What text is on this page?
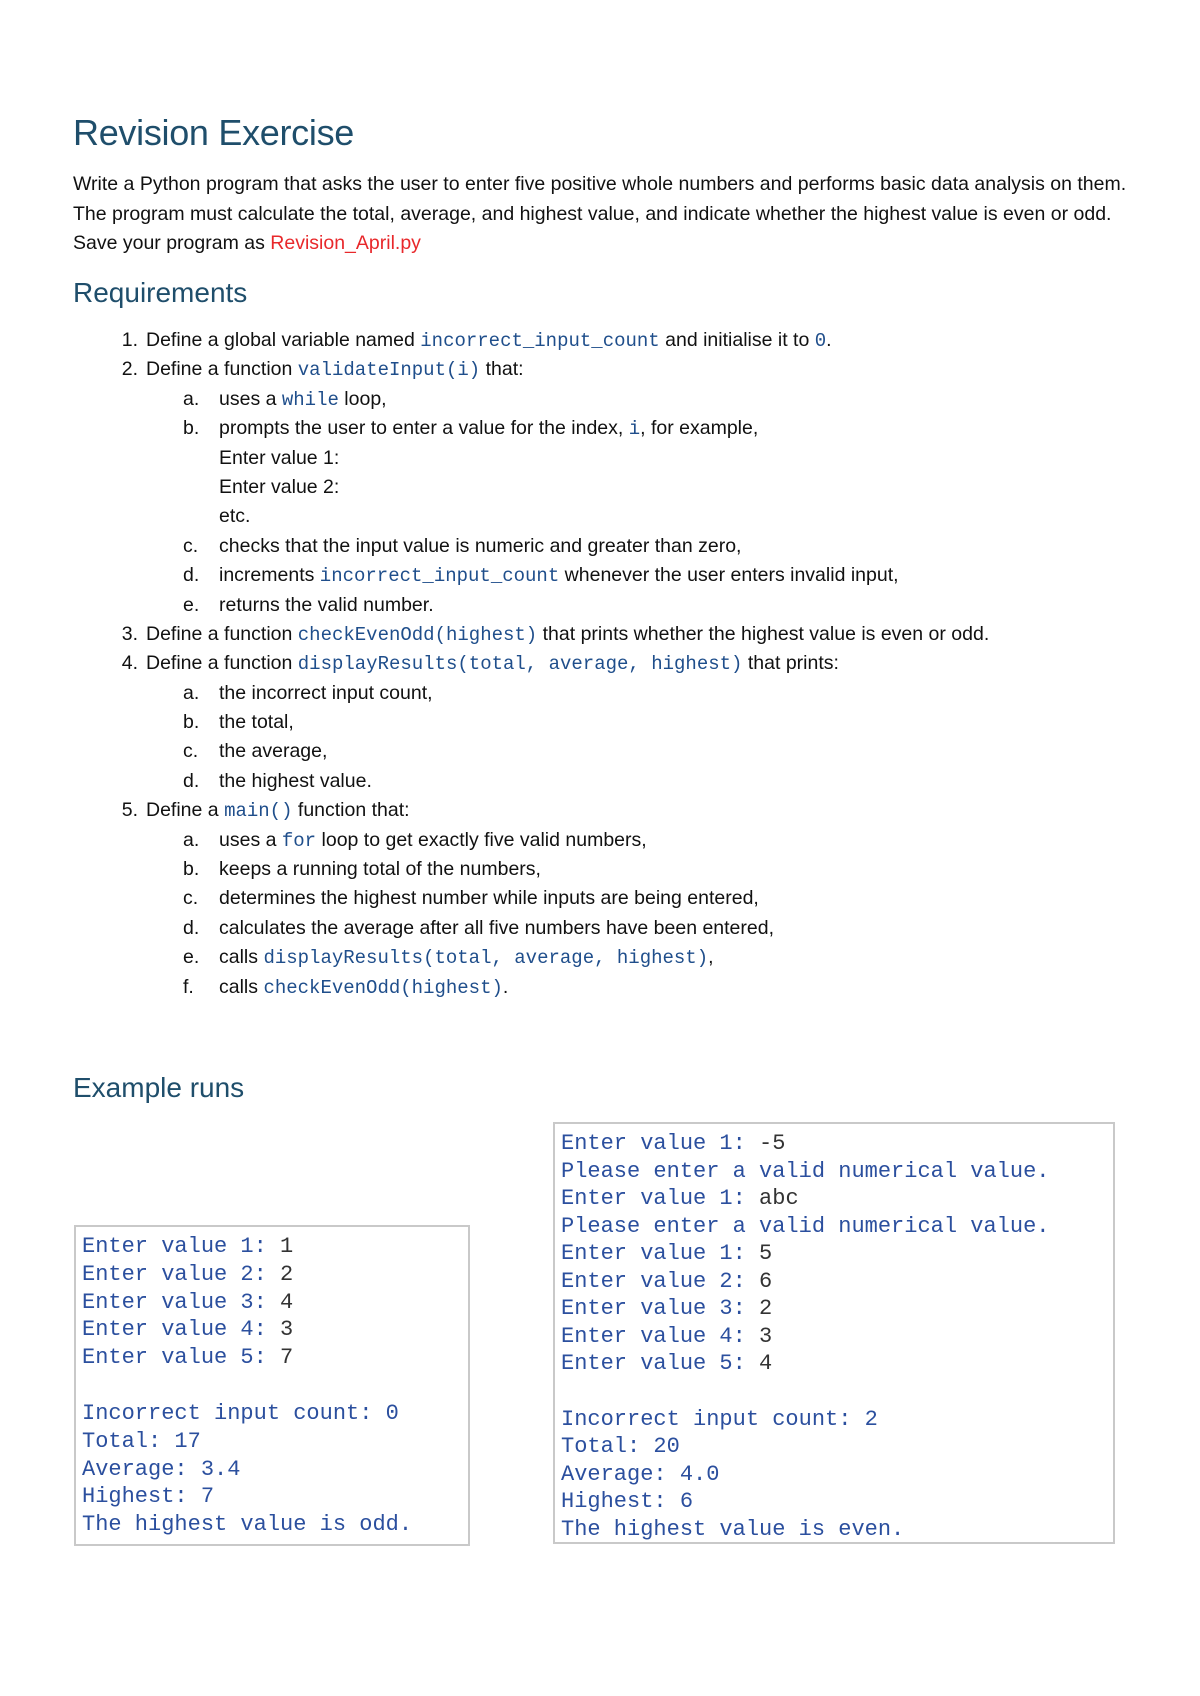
Revision Exercise

Write a Python program that asks the user to enter five positive whole numbers and performs basic data analysis on them. The program must calculate the total, average, and highest value, and indicate whether the highest value is even or odd. Save your program as Revision_April.py

Requirements
1. Define a global variable named incorrect_input_count and initialise it to 0.
2. Define a function validateInput(i) that:
a.	uses a while loop,
b.	prompts the user to enter a value for the index, i, for example,
Enter value 1:
Enter value 2:
etc.
c.	checks that the input value is numeric and greater than zero,
d.	increments incorrect_input_count whenever the user enters invalid input,
e.	returns the valid number.
3. Define a function checkEvenOdd(highest) that prints whether the highest value is even or odd.
4. Define a function displayResults(total, average, highest) that prints:
a.	the incorrect input count,
b.	the total,
c.	the average,
d.	the highest value.
5. Define a main() function that:
a.	uses a for loop to get exactly five valid numbers,
b.	keeps a running total of the numbers,
c.	determines the highest number while inputs are being entered,
d.	calculates the average after all five numbers have been entered,
e.	calls displayResults(total, average, highest),
f.	calls checkEvenOdd(highest).
Example runs
Enter value 1: 1
Enter value 2: 2
Enter value 3: 4
Enter value 4: 3
Enter value 5: 7
Incorrect input count: 0
Total: 17
Average: 3.4
Highest: 7
The highest value is odd.
Enter value 1: -5
Please enter a valid numerical value.
Enter value 1: abc
Please enter a valid numerical value.
Enter value 1: 5
Enter value 2: 6
Enter value 3: 2
Enter value 4: 3
Enter value 5: 4
Incorrect input count: 2
Total: 20
Average: 4.0
Highest: 6
The highest value is even.
